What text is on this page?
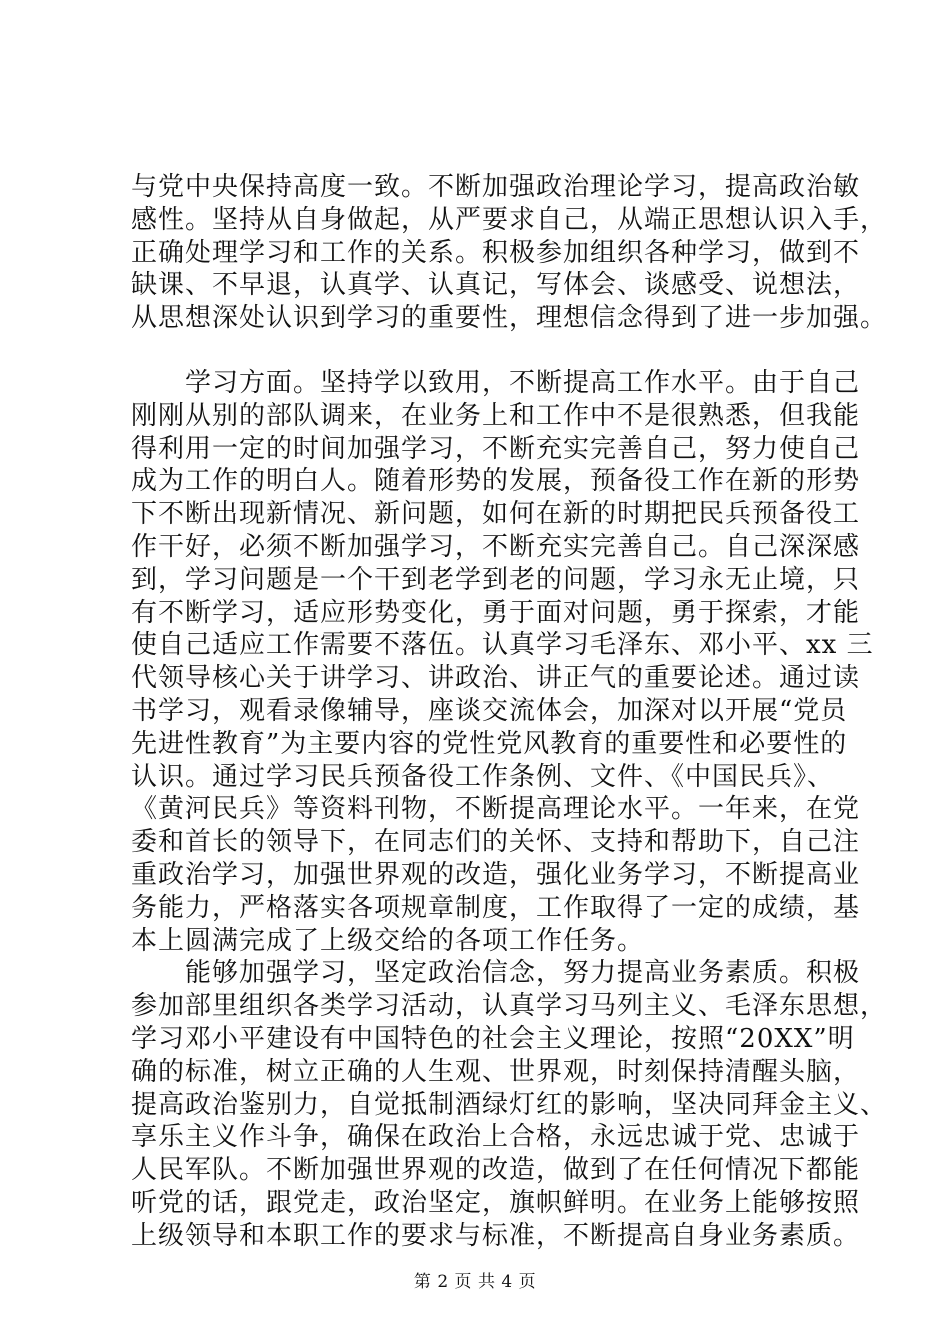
与党中央保持高度一致。不断加强政治理论学习，提高政治敏
感性。坚持从自身做起，从严要求自己，从端正思想认识入手，
正确处理学习和工作的关系。积极参加组织各种学习，做到不
缺课、不早退，认真学、认真记，写体会、谈感受、说想法，
从思想深处认识到学习的重要性，理想信念得到了进一步加强。
　　学习方面。坚持学以致用，不断提高工作水平。由于自己
刚刚从别的部队调来，在业务上和工作中不是很熟悉，但我能
得利用一定的时间加强学习，不断充实完善自己，努力使自己
成为工作的明白人。随着形势的发展，预备役工作在新的形势
下不断出现新情况、新问题，如何在新的时期把民兵预备役工
作干好，必须不断加强学习，不断充实完善自己。自己深深感
到，学习问题是一个干到老学到老的问题，学习永无止境，只
有不断学习，适应形势变化，勇于面对问题，勇于探索，才能
使自己适应工作需要不落伍。认真学习毛泽东、邓小平、xx 三
代领导核心关于讲学习、讲政治、讲正气的重要论述。通过读
书学习，观看录像辅导，座谈交流体会，加深对以开展“党员
先进性教育”为主要内容的党性党风教育的重要性和必要性的
认识。通过学习民兵预备役工作条例、文件、《中国民兵》、
《黄河民兵》等资料刊物，不断提高理论水平。一年来，在党
委和首长的领导下，在同志们的关怀、支持和帮助下，自己注
重政治学习，加强世界观的改造，强化业务学习，不断提高业
务能力，严格落实各项规章制度，工作取得了一定的成绩，基
本上圆满完成了上级交给的各项工作任务。
　　能够加强学习，坚定政治信念，努力提高业务素质。积极
参加部里组织各类学习活动，认真学习马列主义、毛泽东思想，
学习邓小平建设有中国特色的社会主义理论，按照“20XX”明
确的标准，树立正确的人生观、世界观，时刻保持清醒头脑，
提高政治鉴别力，自觉抵制酒绿灯红的影响，坚决同拜金主义、
享乐主义作斗争，确保在政治上合格，永远忠诚于党、忠诚于
人民军队。不断加强世界观的改造，做到了在任何情况下都能
听党的话，跟党走，政治坚定，旗帜鲜明。在业务上能够按照
上级领导和本职工作的要求与标准，不断提高自身业务素质。
第 2 页 共 4 页
